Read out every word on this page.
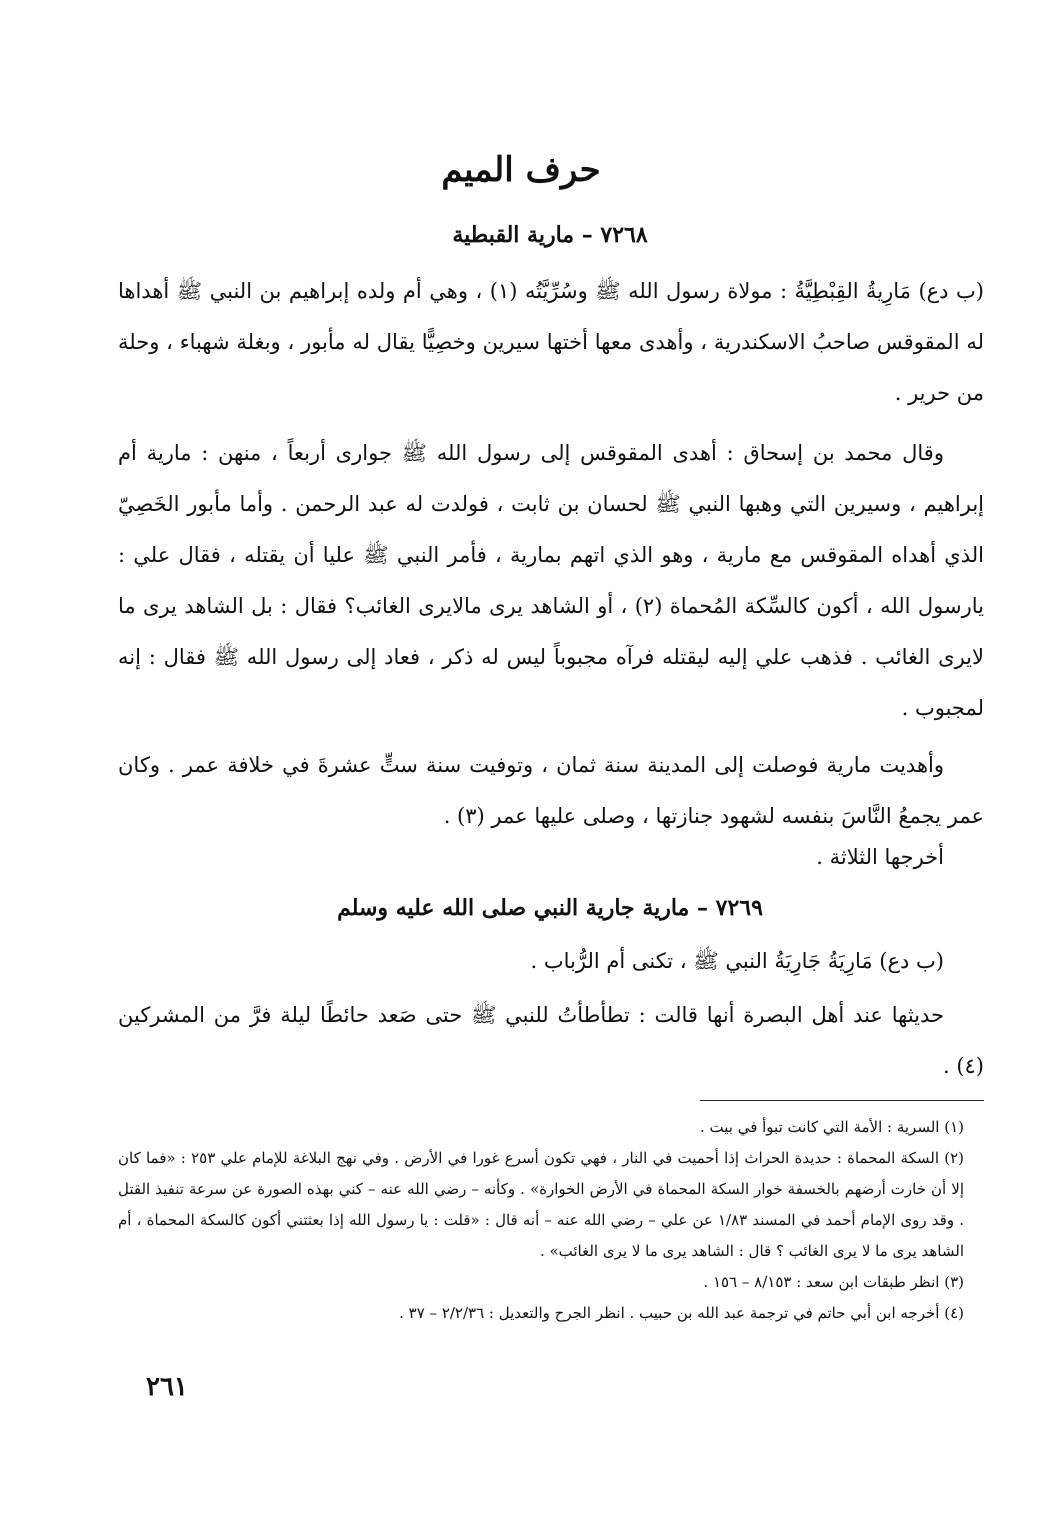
حرف الميم
٧٢٦٨ – مارية القبطية

(ب دع) مَارِيةُ القِبْطِيَّةُ : مولاة رسول الله ﷺ وسُرِّيَّتُه (١) ، وهي أم ولده إبراهيم بن النبي ﷺ أهداها له المقوقس صاحبُ الاسكندرية ، وأهدى معها أختها سيرين وخصِيًّا يقال له مأبور ، وبغلة شهباء ، وحلة من حرير .

وقال محمد بن إسحاق : أهدى المقوقس إلى رسول الله ﷺ جوارى أربعاً ، منهن : مارية أم إبراهيم ، وسيرين التي وهبها النبي ﷺ لحسان بن ثابت ، فولدت له عبد الرحمن . وأما مأبور الخَصِيّ الذي أهداه المقوقس مع مارية ، وهو الذي اتهم بمارية ، فأمر النبي ﷺ عليا أن يقتله ، فقال علي : يارسول الله ، أكون كالسِّكة المُحماة (٢) ، أو الشاهد يرى مالايرى الغائب؟ فقال : بل الشاهد يرى ما لايرى الغائب . فذهب علي إليه ليقتله فرآه مجبوباً ليس له ذكر ، فعاد إلى رسول الله ﷺ فقال : إنه لمجبوب .

وأهديت مارية فوصلت إلى المدينة سنة ثمان ، وتوفيت سنة ستٍّ عشرةَ في خلافة عمر . وكان عمر يجمعُ النَّاسَ بنفسه لشهود جنازتها ، وصلى عليها عمر (٣) .

أخرجها الثلاثة .

٧٢٦٩ – مارية جارية النبي صلى الله عليه وسلم

(ب دع) مَارِيَةُ جَارِيَةُ النبي ﷺ ، تكنى أم الرُّباب .

حديثها عند أهل البصرة أنها قالت : تطأطأتُ للنبي ﷺ حتى صَعد حائطًا ليلة فرَّ من المشركين (٤) .

(١) السرية : الأمة التي كانت تبوأ في بيت .
(٢) السكة المحماة : حديدة الحراث إذا أحميت في النار ، فهي تكون أسرع غورا في الأرض . وفي نهج البلاغة للإمام علي ٢٥٣ : «فما كان إلا أن خارت أرضهم بالخسفة خوار السكة المحماة في الأرض الخوارة» . وكأنه – رضي الله عنه – كني بهذه الصورة عن سرعة تنفيذ القتل . وقد روى الإمام أحمد في المسند ١/٨٣ عن علي – رضي الله عنه – أنه قال : «قلت : يا رسول الله إذا بعثتني أكون كالسكة المحماة ، أم الشاهد يرى ما لا يرى الغائب ؟ قال : الشاهد يرى ما لا يرى الغائب» .
(٣) انظر طبقات ابن سعد : ٨/١٥٣ – ١٥٦ .
(٤) أخرجه ابن أبي حاتم في ترجمة عبد الله بن حبيب . انظر الجرح والتعديل : ٢/٢/٣٦ – ٣٧ .
٢٦١
